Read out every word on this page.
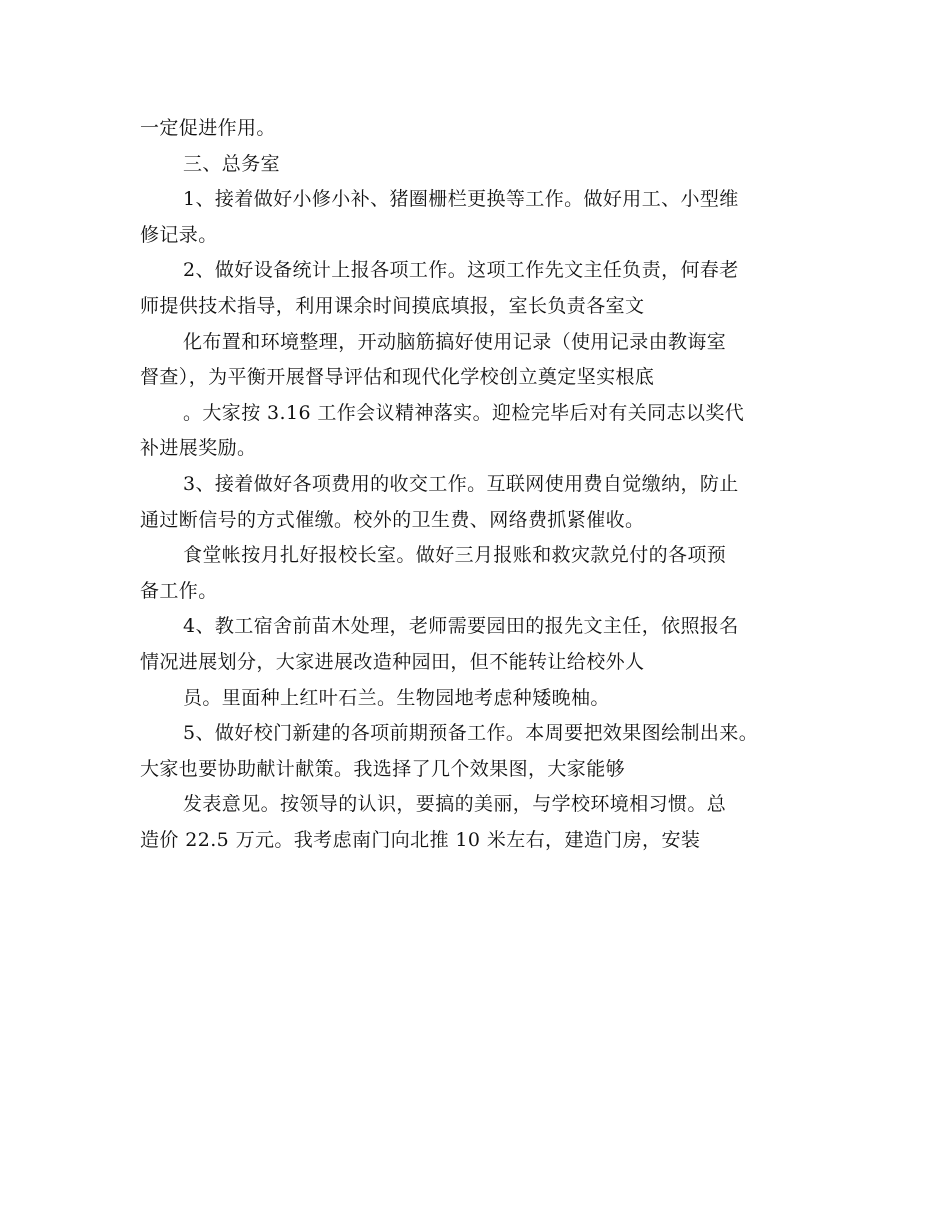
一定促进作用。
三、总务室
1、接着做好小修小补、猪圈栅栏更换等工作。做好用工、小型维
修记录。
2、做好设备统计上报各项工作。这项工作先文主任负责，何春老
师提供技术指导，利用课余时间摸底填报，室长负责各室文
化布置和环境整理，开动脑筋搞好使用记录（使用记录由教诲室
督查），为平衡开展督导评估和现代化学校创立奠定坚实根底
。大家按 3.16 工作会议精神落实。迎检完毕后对有关同志以奖代
补进展奖励。
3、接着做好各项费用的收交工作。互联网使用费自觉缴纳，防止
通过断信号的方式催缴。校外的卫生费、网络费抓紧催收。
食堂帐按月扎好报校长室。做好三月报账和救灾款兑付的各项预
备工作。
4、教工宿舍前苗木处理，老师需要园田的报先文主任，依照报名
情况进展划分，大家进展改造种园田，但不能转让给校外人
员。里面种上红叶石兰。生物园地考虑种矮晚柚。
5、做好校门新建的各项前期预备工作。本周要把效果图绘制出来。
大家也要协助献计献策。我选择了几个效果图，大家能够
发表意见。按领导的认识，要搞的美丽，与学校环境相习惯。总
造价 22.5 万元。我考虑南门向北推 10 米左右，建造门房，安装
